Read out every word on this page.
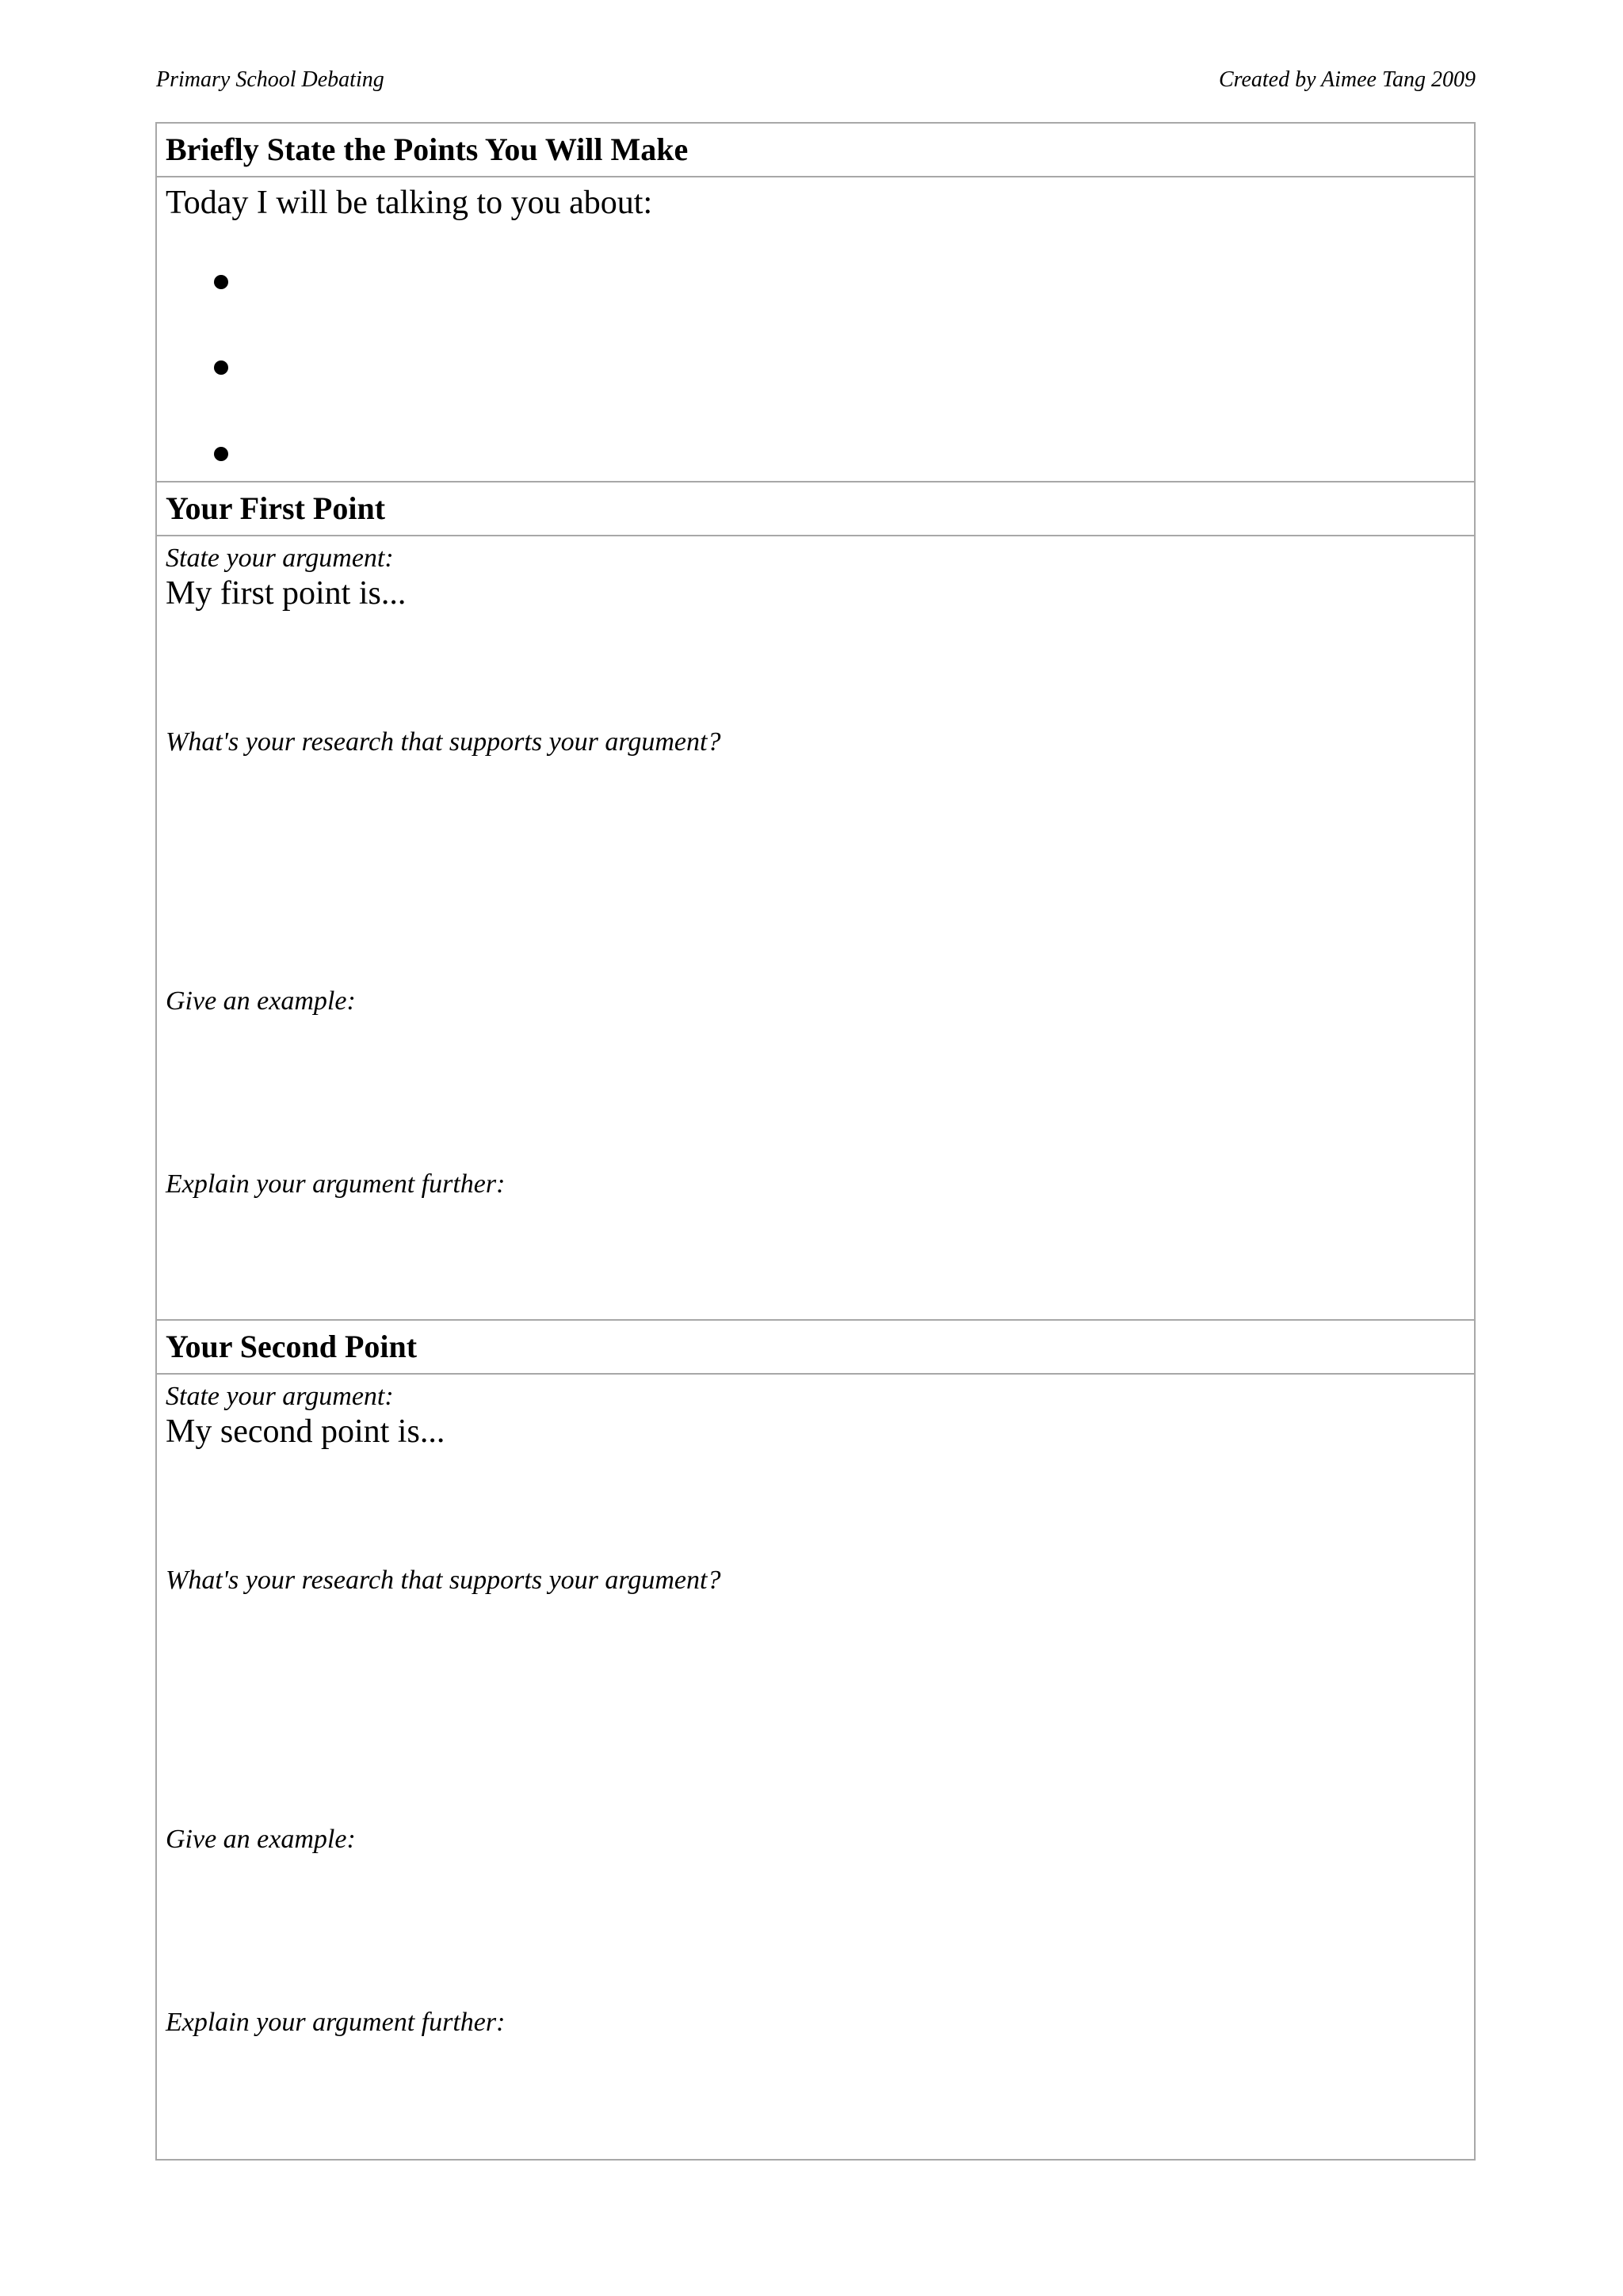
Primary School Debating	Created by Aimee Tang 2009
Briefly State the Points You Will Make
Today I will be talking to you about:
Your First Point
State your argument:
My first point is...
What's your research that supports your argument?
Give an example:
Explain your argument further:
Your Second Point
State your argument:
My second point is...
What's your research that supports your argument?
Give an example:
Explain your argument further:
